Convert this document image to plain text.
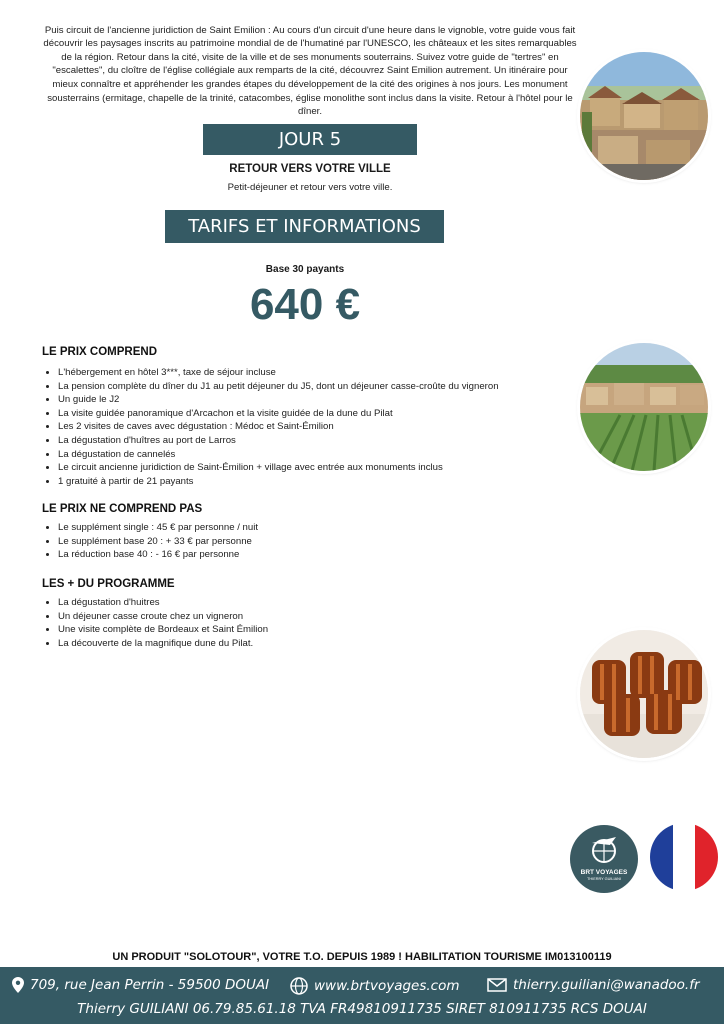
Puis circuit de l'ancienne juridiction de Saint Emilion : Au cours d'un circuit d'une heure dans le vignoble, votre guide vous fait découvrir les paysages inscrits au patrimoine mondial de de l'humatiné par l'UNESCO, les châteaux et les sites remarquables de la région. Retour dans la cité, visite de la ville et de ses monuments souterrains. Suivez votre guide de "tertres" en "escalettes", du cloître de l'église collégiale aux remparts de la cité, découvrez Saint Emilion autrement. Un itinéraire pour mieux connaître et appréhender les grandes étapes du développement de la cité des origines à nos jours. Les monument sousterrains (ermitage, chapelle de la trinité, catacombes, église monolithe sont inclus dans la visite. Retour à l'hôtel pour le dîner.

JOUR 5
RETOUR VERS VOTRE VILLE
Petit-déjeuner et retour vers votre ville.
TARIFS ET INFORMATIONS
Base 30 payants
640 €
LE PRIX COMPREND
• L'hébergement en hôtel 3***, taxe de séjour incluse
• La pension complète du dîner du J1 au petit déjeuner du J5, dont un déjeuner casse-croûte du vigneron
• Un guide le J2
• La visite guidée panoramique d'Arcachon et la visite guidée de la dune du Pilat
• Les 2 visites de caves avec dégustation : Médoc et Saint-Émilion
• La dégustation d'huîtres au port de Larros
• La dégustation de cannelés
• Le circuit ancienne juridiction de Saint-Émilion + village avec entrée aux monuments inclus
• 1 gratuité à partir de 21 payants
LE PRIX NE COMPREND PAS
• Le supplément single : 45 € par personne / nuit
• Le supplément base 20 : + 33 € par personne
• La réduction base 40 : - 16 € par personne
LES + DU PROGRAMME
• La dégustation d'huitres
• Un déjeuner casse croute chez un vigneron
• Une visite complète de Bordeaux et Saint Émilion
• La découverte de la magnifique dune du Pilat.
BRT VOYAGES
THIERRY GUILIANI
UN PRODUIT "SOLOTOUR", VOTRE T.O. DEPUIS 1989 ! HABILITATION TOURISME IM013100119
709, rue Jean Perrin - 59500 DOUAI	www.brtvoyages.com	thierry.guiliani@wanadoo.fr
Thierry GUILIANI 06.79.85.61.18 TVA FR49810911735 SIRET 810911735 RCS DOUAI
